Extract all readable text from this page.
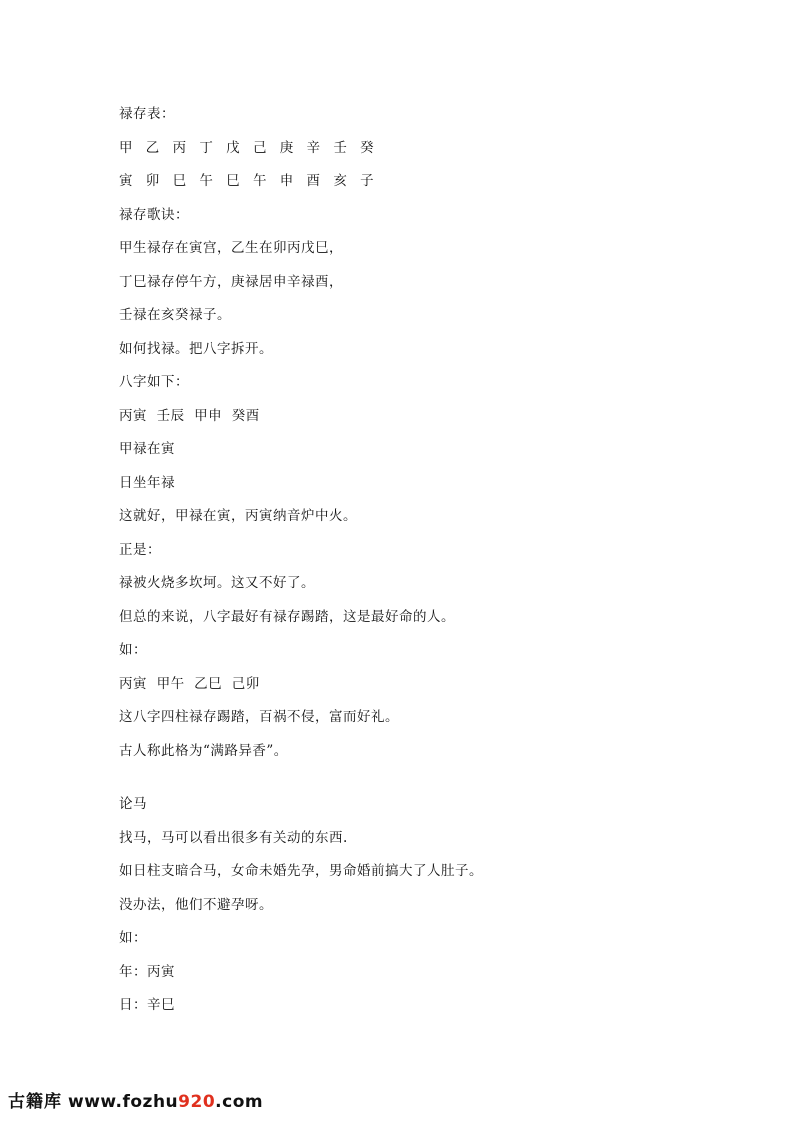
禄存表：
甲 乙 丙 丁 戊 己 庚 辛 壬 癸
寅 卯 巳 午 巳 午 申 酉 亥 子
禄存歌诀：
甲生禄存在寅宫，乙生在卯丙戊巳，
丁巳禄存停午方，庚禄居申辛禄酉，
壬禄在亥癸禄子。
如何找禄。把八字拆开。
八字如下：
丙寅  壬辰  甲申  癸酉
甲禄在寅
日坐年禄
这就好，甲禄在寅，丙寅纳音炉中火。
正是：
禄被火烧多坎坷。这又不好了。
但总的来说，八字最好有禄存踢踏，这是最好命的人。
如：
丙寅  甲午  乙巳  己卯
这八字四柱禄存踢踏，百祸不侵，富而好礼。
古人称此格为“满路异香”。
论马
找马，马可以看出很多有关动的东西.
如日柱支暗合马，女命未婚先孕，男命婚前搞大了人肚子。
没办法，他们不避孕呀。
如：
年：丙寅
日：辛巳
古籍库 www.fozhu920.com
